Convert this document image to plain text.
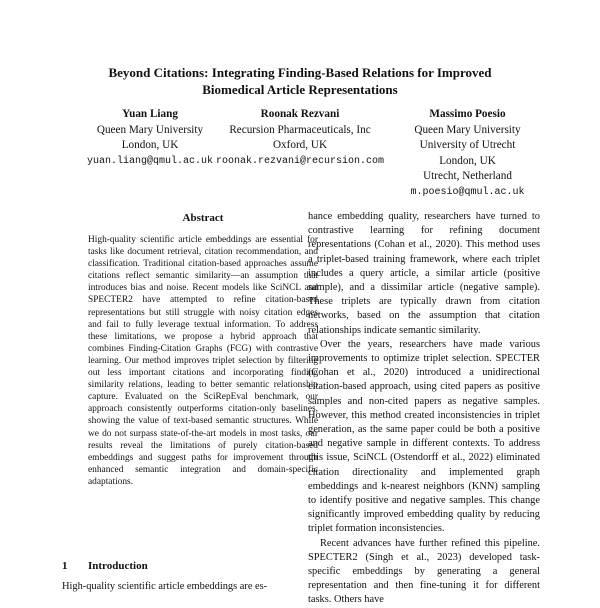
Beyond Citations: Integrating Finding-Based Relations for Improved
Biomedical Article Representations
Yuan Liang
Queen Mary University
London, UK
yuan.liang@qmul.ac.uk
Roonak Rezvani
Recursion Pharmaceuticals, Inc
Oxford, UK
roonak.rezvani@recursion.com
Massimo Poesio
Queen Mary University
University of Utrecht
London, UK
Utrecht, Netherland
m.poesio@qmul.ac.uk
Abstract
High-quality scientific article embeddings are essential for tasks like document retrieval, citation recommendation, and classification. Traditional citation-based approaches assume citations reflect semantic similarity—an assumption that introduces bias and noise. Recent models like SciNCL and SPECTER2 have attempted to refine citation-based representations but still struggle with noisy citation edges and fail to fully leverage textual information. To address these limitations, we propose a hybrid approach that combines Finding-Citation Graphs (FCG) with contrastive learning. Our method improves triplet selection by filtering out less important citations and incorporating finding similarity relations, leading to better semantic relationship capture. Evaluated on the SciRepEval benchmark, our approach consistently outperforms citation-only baselines, showing the value of text-based semantic structures. While we do not surpass state-of-the-art models in most tasks, our results reveal the limitations of purely citation-based embeddings and suggest paths for improvement through enhanced semantic integration and domain-specific adaptations.
1 Introduction
High-quality scientific article embeddings are es-

hance embedding quality, researchers have turned to contrastive learning for refining document representations (Cohan et al., 2020). This method uses a triplet-based training framework, where each triplet includes a query article, a similar article (positive sample), and a dissimilar article (negative sample). These triplets are typically drawn from citation networks, based on the assumption that citation relationships indicate semantic similarity.

Over the years, researchers have made various improvements to optimize triplet selection. SPECTER (Cohan et al., 2020) introduced a unidirectional citation-based approach, using cited papers as positive samples and non-cited papers as negative samples. However, this method created inconsistencies in triplet generation, as the same paper could be both a positive and negative sample in different contexts. To address this issue, SciNCL (Ostendorff et al., 2022) eliminated citation directionality and implemented graph embeddings and k-nearest neighbors (KNN) sampling to identify positive and negative samples. This change significantly improved embedding quality by reducing triplet formation inconsistencies.

Recent advances have further refined this pipeline. SPECTER2 (Singh et al., 2023) developed task-specific embeddings by generating a general representation and then fine-tuning it for different tasks. Others have
